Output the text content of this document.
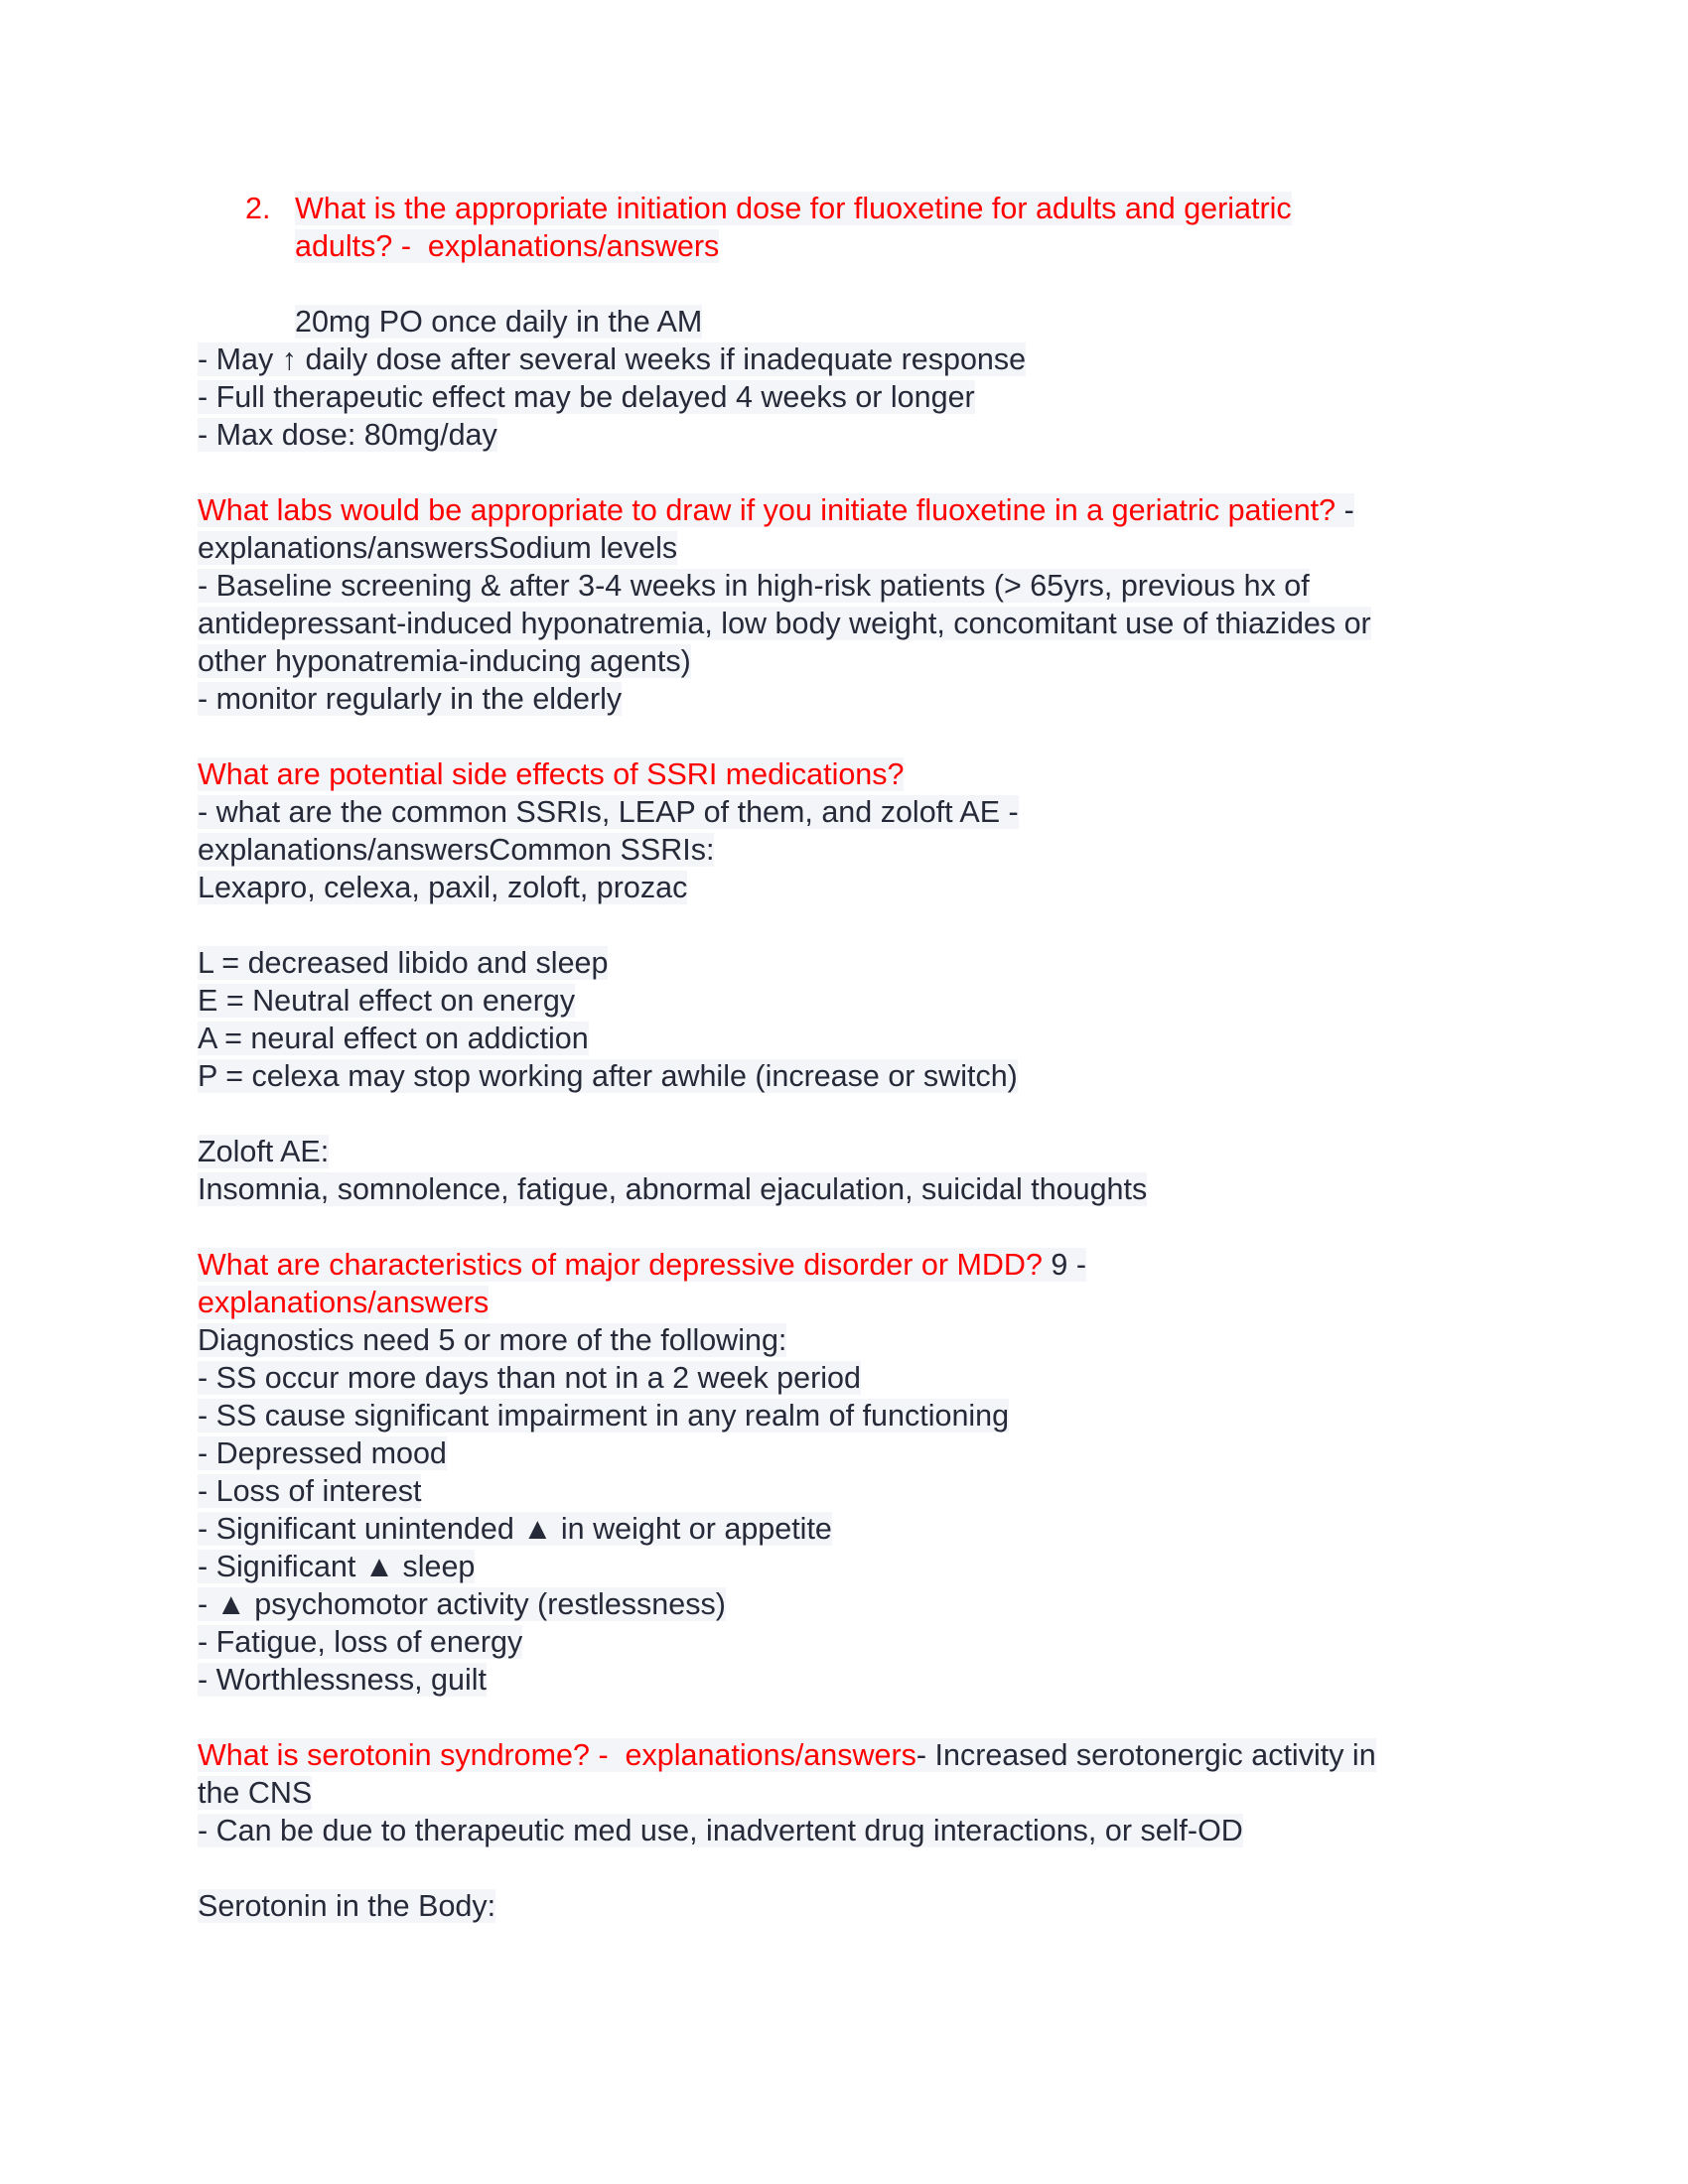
2. What is the appropriate initiation dose for fluoxetine for adults and geriatric
adults? -  explanations/answers
20mg PO once daily in the AM
- May ↑ daily dose after several weeks if inadequate response
- Full therapeutic effect may be delayed 4 weeks or longer
- Max dose: 80mg/day
What labs would be appropriate to draw if you initiate fluoxetine in a geriatric patient? -
explanations/answersSodium levels
- Baseline screening & after 3-4 weeks in high-risk patients (> 65yrs, previous hx of
antidepressant-induced hyponatremia, low body weight, concomitant use of thiazides or
other hyponatremia-inducing agents)
- monitor regularly in the elderly
What are potential side effects of SSRI medications?
- what are the common SSRIs, LEAP of them, and zoloft AE -
explanations/answersCommon SSRIs:
Lexapro, celexa, paxil, zoloft, prozac
L = decreased libido and sleep
E = Neutral effect on energy
A = neural effect on addiction
P = celexa may stop working after awhile (increase or switch)
Zoloft AE:
Insomnia, somnolence, fatigue, abnormal ejaculation, suicidal thoughts
What are characteristics of major depressive disorder or MDD? 9 -
explanations/answers
Diagnostics need 5 or more of the following:
- SS occur more days than not in a 2 week period
- SS cause significant impairment in any realm of functioning
- Depressed mood
- Loss of interest
- Significant unintended ▲ in weight or appetite
- Significant ▲ sleep
- ▲ psychomotor activity (restlessness)
- Fatigue, loss of energy
- Worthlessness, guilt
What is serotonin syndrome? -  explanations/answers- Increased serotonergic activity in
the CNS
- Can be due to therapeutic med use, inadvertent drug interactions, or self-OD
Serotonin in the Body:
